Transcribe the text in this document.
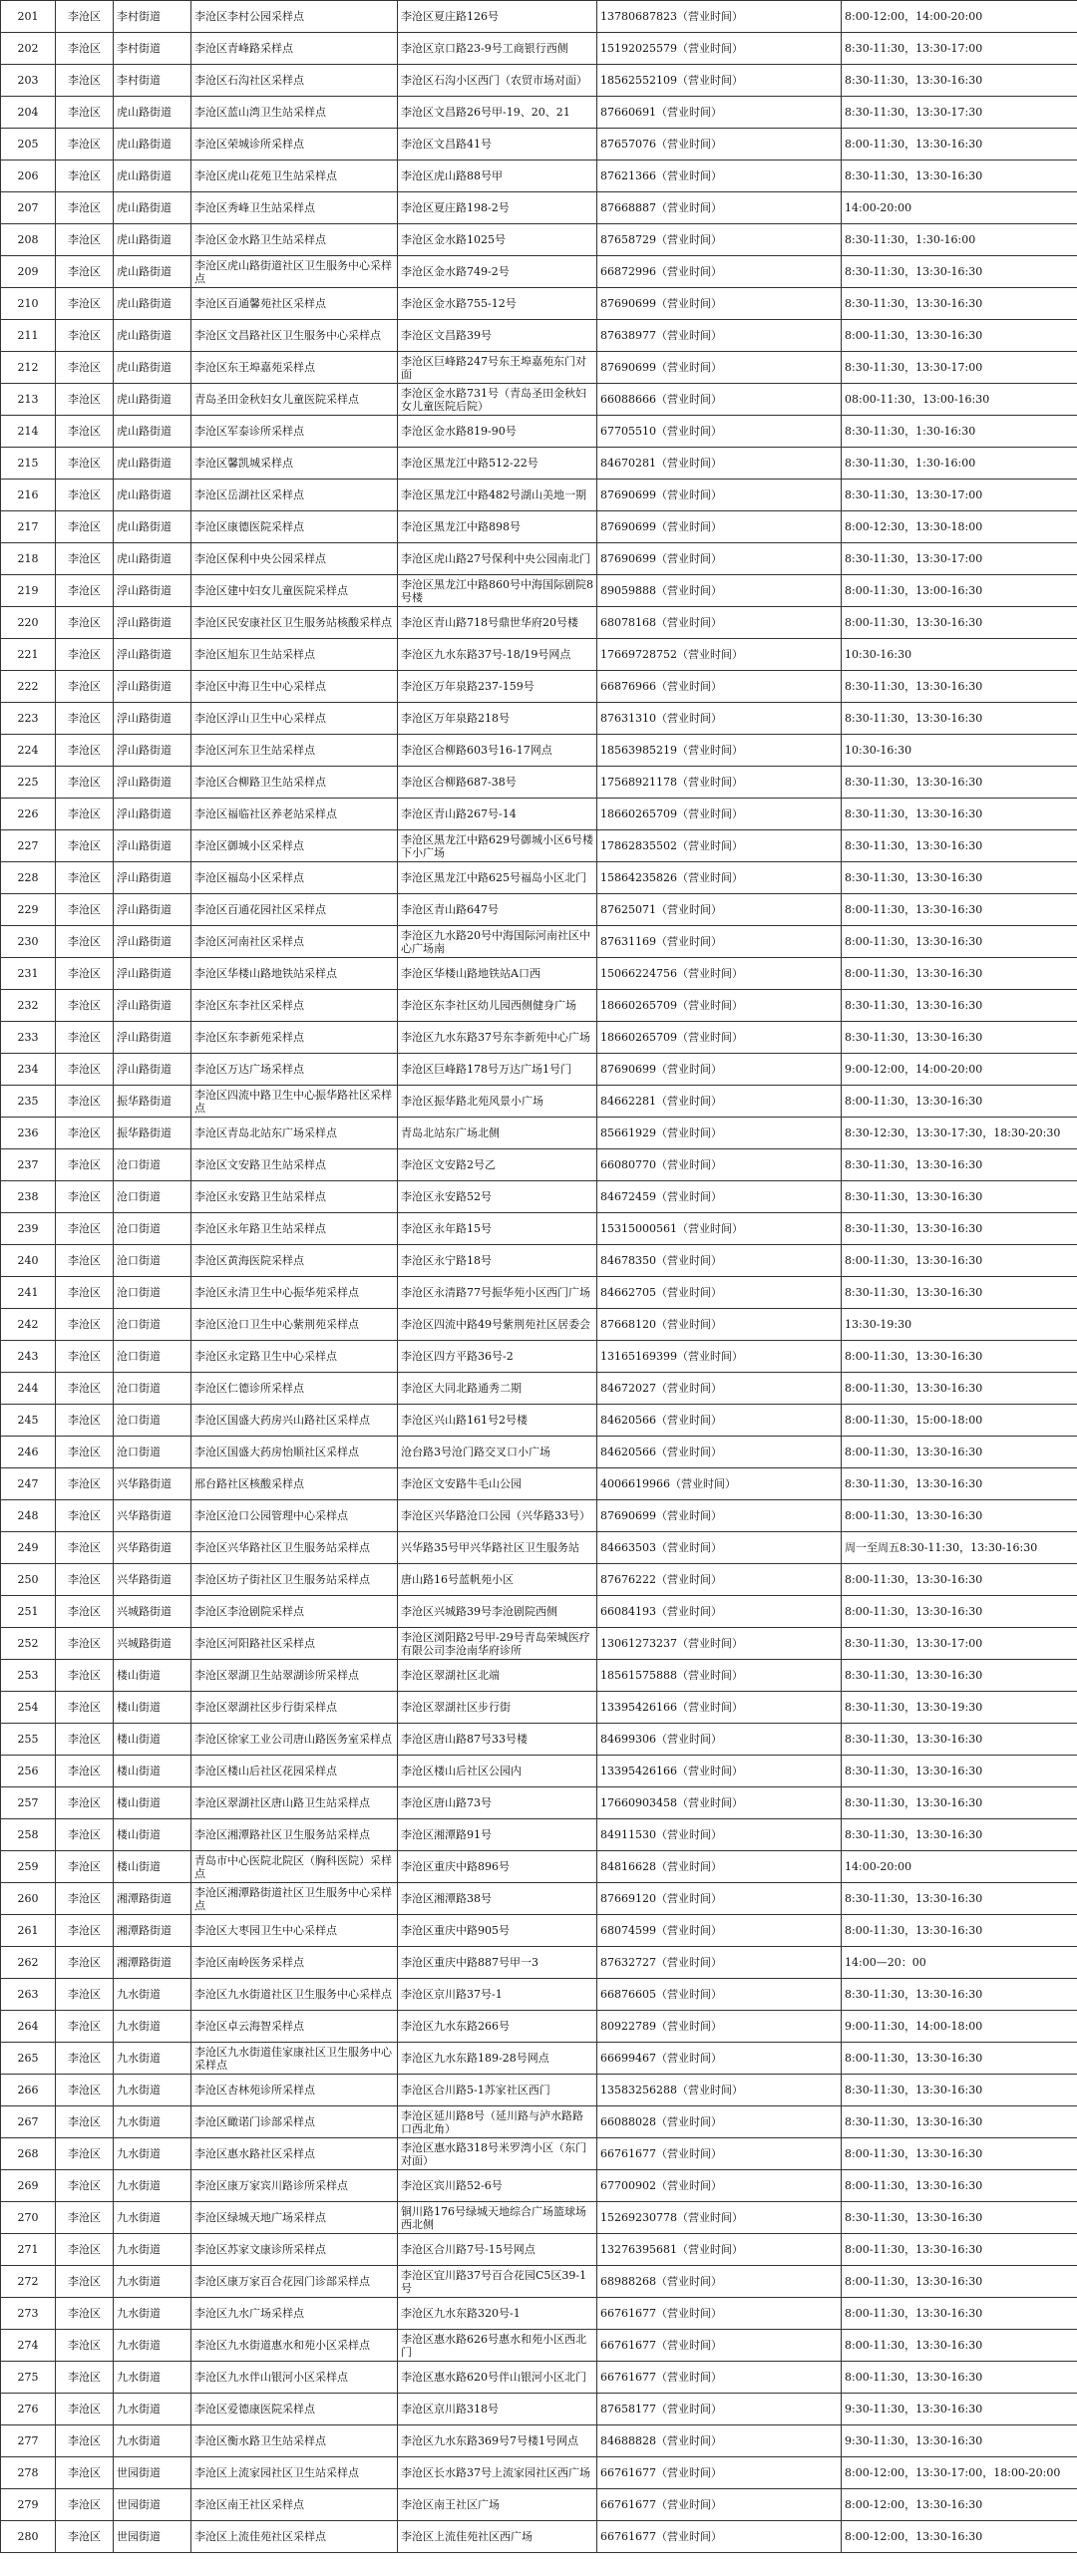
201	李沧区	李村街道	李沧区李村公园采样点	李沧区夏庄路126号	13780687823（营业时间）	8:00-12:00，14:00-20:00
202	李沧区	李村街道	李沧区青峰路采样点	李沧区京口路23-9号工商银行西侧	15192025579（营业时间）	8:30-11:30，13:30-17:00
203	李沧区	李村街道	李沧区石沟社区采样点	李沧区石沟小区西门（农贸市场对面）	18562552109（营业时间）	8:30-11:30，13:30-16:30
204	李沧区	虎山路街道	李沧区蓝山湾卫生站采样点	李沧区文昌路26号甲-19、20、21	87660691（营业时间）	8:30-11:30，13:30-17:30
205	李沧区	虎山路街道	李沧区荣城诊所采样点	李沧区文昌路41号	87657076（营业时间）	8:00-11:30，13:30-16:30
206	李沧区	虎山路街道	李沧区虎山花苑卫生站采样点	李沧区虎山路88号甲	87621366（营业时间）	8:30-11:30，13:30-16:30
207	李沧区	虎山路街道	李沧区秀峰卫生站采样点	李沧区夏庄路198-2号	87668887（营业时间）	14:00-20:00
208	李沧区	虎山路街道	李沧区金水路卫生站采样点	李沧区金水路1025号	87658729（营业时间）	8:30-11:30，1:30-16:00
209	李沧区	虎山路街道	李沧区虎山路街道社区卫生服务中心采样点	李沧区金水路749-2号	66872996（营业时间）	8:30-11:30，13:30-16:30
210	李沧区	虎山路街道	李沧区百通馨苑社区采样点	李沧区金水路755-12号	87690699（营业时间）	8:30-11:30，13:30-16:30
211	李沧区	虎山路街道	李沧区文昌路社区卫生服务中心采样点	李沧区文昌路39号	87638977（营业时间）	8:00-11:30，13:30-16:30
212	李沧区	虎山路街道	李沧区东王埠嘉苑采样点	李沧区巨峰路247号东王埠嘉苑东门对面	87690699（营业时间）	8:30-11:30，13:30-17:00
213	李沧区	虎山路街道	青岛圣田金秋妇女儿童医院采样点	李沧区金水路731号（青岛圣田金秋妇女儿童医院后院）	66088666（营业时间）	08:00-11:30，13:00-16:30
214	李沧区	虎山路街道	李沧区军泰诊所采样点	李沧区金水路819-90号	67705510（营业时间）	8:30-11:30，1:30-16:30
215	李沧区	虎山路街道	李沧区馨凯城采样点	李沧区黑龙江中路512-22号	84670281（营业时间）	8:30-11:30，1:30-16:00
216	李沧区	虎山路街道	李沧区岳湖社区采样点	李沧区黑龙江中路482号湖山美地一期	87690699（营业时间）	8:30-11:30，13:30-17:00
217	李沧区	虎山路街道	李沧区康德医院采样点	李沧区黑龙江中路898号	87690699（营业时间）	8:00-12:30，13:30-18:00
218	李沧区	虎山路街道	李沧区保利中央公园采样点	李沧区虎山路27号保利中央公园南北门	87690699（营业时间）	8:30-11:30，13:30-17:00
219	李沧区	浮山路街道	李沧区建中妇女儿童医院采样点	李沧区黑龙江中路860号中海国际剧院8号楼	89059888（营业时间）	8:00-11:30，13:00-16:30
220	李沧区	浮山路街道	李沧区民安康社区卫生服务站核酸采样点	李沧区青山路718号鼎世华府20号楼	68078168（营业时间）	8:00-11:30，13:30-16:30
221	李沧区	浮山路街道	李沧区旭东卫生站采样点	李沧区九水东路37号-18/19号网点	17669728752（营业时间）	10:30-16:30
222	李沧区	浮山路街道	李沧区中海卫生中心采样点	李沧区万年泉路237-159号	66876966（营业时间）	8:30-11:30，13:30-16:30
223	李沧区	浮山路街道	李沧区浮山卫生中心采样点	李沧区万年泉路218号	87631310（营业时间）	8:30-11:30，13:30-16:30
224	李沧区	浮山路街道	李沧区河东卫生站采样点	李沧区合柳路603号16-17网点	18563985219（营业时间）	10:30-16:30
225	李沧区	浮山路街道	李沧区合柳路卫生站采样点	李沧区合柳路687-38号	17568921178（营业时间）	8:30-11:30，13:30-16:30
226	李沧区	浮山路街道	李沧区福临社区养老站采样点	李沧区青山路267号-14	18660265709（营业时间）	8:30-11:30，13:30-16:30
227	李沧区	浮山路街道	李沧区御城小区采样点	李沧区黑龙江中路629号御城小区6号楼下小广场	17862835502（营业时间）	8:30-11:30，13:30-16:30
228	李沧区	浮山路街道	李沧区福岛小区采样点	李沧区黑龙江中路625号福岛小区北门	15864235826（营业时间）	8:30-11:30，13:30-16:30
229	李沧区	浮山路街道	李沧区百通花园社区采样点	李沧区青山路647号	87625071（营业时间）	8:00-11:30，13:30-16:30
230	李沧区	浮山路街道	李沧区河南社区采样点	李沧区九水路20号中海国际河南社区中心广场南	87631169（营业时间）	8:00-11:30，13:30-16:30
231	李沧区	浮山路街道	李沧区华楼山路地铁站采样点	李沧区华楼山路地铁站A口西	15066224756（营业时间）	8:00-11:30，13:30-16:30
232	李沧区	浮山路街道	李沧区东李社区采样点	李沧区东李社区幼儿园西侧健身广场	18660265709（营业时间）	8:30-11:30，13:30-16:30
233	李沧区	浮山路街道	李沧区东李新苑采样点	李沧区九水东路37号东李新苑中心广场	18660265709（营业时间）	8:30-11:30，13:30-16:30
234	李沧区	浮山路街道	李沧区万达广场采样点	李沧区巨峰路178号万达广场1号门	87690699（营业时间）	9:00-12:00，14:00-20:00
235	李沧区	振华路街道	李沧区四流中路卫生中心振华路社区采样点	李沧区振华路北苑风景小广场	84662281（营业时间）	8:00-11:30，13:30-16:30
236	李沧区	振华路街道	李沧区青岛北站东广场采样点	青岛北站东广场北侧	85661929（营业时间）	8:30-12:30，13:30-17:30，18:30-20:30
237	李沧区	沧口街道	李沧区文安路卫生站采样点	李沧区文安路2号乙	66080770（营业时间）	8:30-11:30，13:30-16:30
238	李沧区	沧口街道	李沧区永安路卫生站采样点	李沧区永安路52号	84672459（营业时间）	8:30-11:30，13:30-16:30
239	李沧区	沧口街道	李沧区永年路卫生站采样点	李沧区永年路15号	15315000561（营业时间）	8:30-11:30，13:30-16:30
240	李沧区	沧口街道	李沧区黄海医院采样点	李沧区永宁路18号	84678350（营业时间）	8:00-11:30，13:30-16:30
241	李沧区	沧口街道	李沧区永清卫生中心振华苑采样点	李沧区永清路77号振华苑小区西门广场	84662705（营业时间）	8:30-11:30，13:30-16:30
242	李沧区	沧口街道	李沧区沧口卫生中心紫荆苑采样点	李沧区四流中路49号紫荆苑社区居委会	87668120（营业时间）	13:30-19:30
243	李沧区	沧口街道	李沧区永定路卫生中心采样点	李沧区四方平路36号-2	13165169399（营业时间）	8:00-11:30，13:30-16:30
244	李沧区	沧口街道	李沧区仁德诊所采样点	李沧区大同北路通秀二期	84672027（营业时间）	8:00-11:30，13:30-16:30
245	李沧区	沧口街道	李沧区国盛大药房兴山路社区采样点	李沧区兴山路161号2号楼	84620566（营业时间）	8:00-11:30，15:00-18:00
246	李沧区	沧口街道	李沧区国盛大药房怡顺社区采样点	沧台路3号沧门路交叉口小广场	84620566（营业时间）	8:00-11:30，13:30-16:30
247	李沧区	兴华路街道	邢台路社区核酸采样点	李沧区文安路牛毛山公园	4006619966（营业时间）	8:30-11:30，13:30-16:30
248	李沧区	兴华路街道	李沧区沧口公园管理中心采样点	李沧区兴华路沧口公园（兴华路33号）	87690699（营业时间）	8:00-11:30，13:30-16:30
249	李沧区	兴华路街道	李沧区兴华路社区卫生服务站采样点	兴华路35号甲兴华路社区卫生服务站	84663503（营业时间）	周一至周五8:30-11:30，13:30-16:30
250	李沧区	兴华路街道	李沧区坊子街社区卫生服务站采样点	唐山路16号蓝帆苑小区	87676222（营业时间）	8:00-11:30，13:30-16:30
251	李沧区	兴城路街道	李沧区李沧剧院采样点	李沧区兴城路39号李沧剧院西侧	66084193（营业时间）	8:00-11:30，13:30-16:30
252	李沧区	兴城路街道	李沧区河阳路社区采样点	李沧区浏阳路2号甲-29号青岛荣城医疗有限公司李沧南华府诊所	13061273237（营业时间）	8:30-11:30，13:30-17:00
253	李沧区	楼山街道	李沧区翠湖卫生站翠湖诊所采样点	李沧区翠湖社区北端	18561575888（营业时间）	8:30-11:30，13:30-16:30
254	李沧区	楼山街道	李沧区翠湖社区步行街采样点	李沧区翠湖社区步行街	13395426166（营业时间）	8:30-11:30，13:30-19:30
255	李沧区	楼山街道	李沧区徐家工业公司唐山路医务室采样点	李沧区唐山路87号33号楼	84699306（营业时间）	8:30-11:30，13:30-16:30
256	李沧区	楼山街道	李沧区楼山后社区花园采样点	李沧区楼山后社区公园内	13395426166（营业时间）	8:30-11:30，13:30-16:30
257	李沧区	楼山街道	李沧区翠湖社区唐山路卫生站采样点	李沧区唐山路73号	17660903458（营业时间）	8:30-11:30，13:30-16:30
258	李沧区	楼山街道	李沧区湘潭路社区卫生服务站采样点	李沧区湘潭路91号	84911530（营业时间）	8:30-11:30，13:30-16:30
259	李沧区	楼山街道	青岛市中心医院北院区（胸科医院）采样点	李沧区重庆中路896号	84816628（营业时间）	14:00-20:00
260	李沧区	湘潭路街道	李沧区湘潭路街道社区卫生服务中心采样点	李沧区湘潭路38号	87669120（营业时间）	8:30-11:30，13:30-16:30
261	李沧区	湘潭路街道	李沧区大枣园卫生中心采样点	李沧区重庆中路905号	68074599（营业时间）	8:00-11:30，13:30-16:30
262	李沧区	湘潭路街道	李沧区南岭医务采样点	李沧区重庆中路887号甲一3	87632727（营业时间）	14:00—20：00
263	李沧区	九水街道	李沧区九水街道社区卫生服务中心采样点	李沧区京川路37号-1	66876605（营业时间）	8:30-11:30，13:30-16:30
264	李沧区	九水街道	李沧区卓云海智采样点	李沧区九水东路266号	80922789（营业时间）	9:00-11:30，14:00-18:00
265	李沧区	九水街道	李沧区九水街道佳家康社区卫生服务中心采样点	李沧区九水东路189-28号网点	66699467（营业时间）	8:00-11:30，13:30-16:30
266	李沧区	九水街道	李沧区杏林苑诊所采样点	李沧区合川路5-1苏家社区西门	13583256288（营业时间）	8:30-11:30，13:30-16:30
267	李沧区	九水街道	李沧区瞰诺门诊部采样点	李沧区延川路8号（延川路与泸水路路口西北角）	66088028（营业时间）	8:30-11:30，13:30-16:30
268	李沧区	九水街道	李沧区惠水路社区采样点	李沧区惠水路318号米罗湾小区（东门对面）	66761677（营业时间）	8:00-11:30，13:30-16:30
269	李沧区	九水街道	李沧区康万家宾川路诊所采样点	李沧区宾川路52-6号	67700902（营业时间）	8:00-11:30，13:30-16:30
270	李沧区	九水街道	李沧区绿城天地广场采样点	铜川路176号绿城天地综合广场篮球场西北侧	15269230778（营业时间）	8:30-11:30，13:30-16:30
271	李沧区	九水街道	李沧区苏家文康诊所采样点	李沧区合川路7号-15号网点	13276395681（营业时间）	8:00-11:30，13:30-16:30
272	李沧区	九水街道	李沧区康万家百合花园门诊部采样点	李沧区宜川路37号百合花园C5区39-1号	68988268（营业时间）	8:00-11:30，13:30-16:30
273	李沧区	九水街道	李沧区九水广场采样点	李沧区九水东路320号-1	66761677（营业时间）	8:00-11:30，13:30-16:30
274	李沧区	九水街道	李沧区九水街道惠水和苑小区采样点	李沧区惠水路626号惠水和苑小区西北门	66761677（营业时间）	8:00-11:30，13:30-16:30
275	李沧区	九水街道	李沧区九水伴山银河小区采样点	李沧区惠水路620号伴山银河小区北门	66761677（营业时间）	8:00-11:30，13:30-16:30
276	李沧区	九水街道	李沧区爱德康医院采样点	李沧区京川路318号	87658177（营业时间）	9:30-11:30，13:30-16:30
277	李沧区	九水街道	李沧区衡水路卫生站采样点	李沧区九水东路369号7号楼1号网点	84688828（营业时间）	9:30-11:30，13:30-16:30
278	李沧区	世园街道	李沧区上流家园社区卫生站采样点	李沧区长水路37号上流家园社区西广场	66761677（营业时间）	8:00-12:00，13:30-17:00，18:00-20:00
279	李沧区	世园街道	李沧区南王社区采样点	李沧区南王社区广场	66761677（营业时间）	8:00-12:00，13:30-16:30
280	李沧区	世园街道	李沧区上流佳苑社区采样点	李沧区上流佳苑社区西广场	66761677（营业时间）	8:00-12:00，13:30-16:30
